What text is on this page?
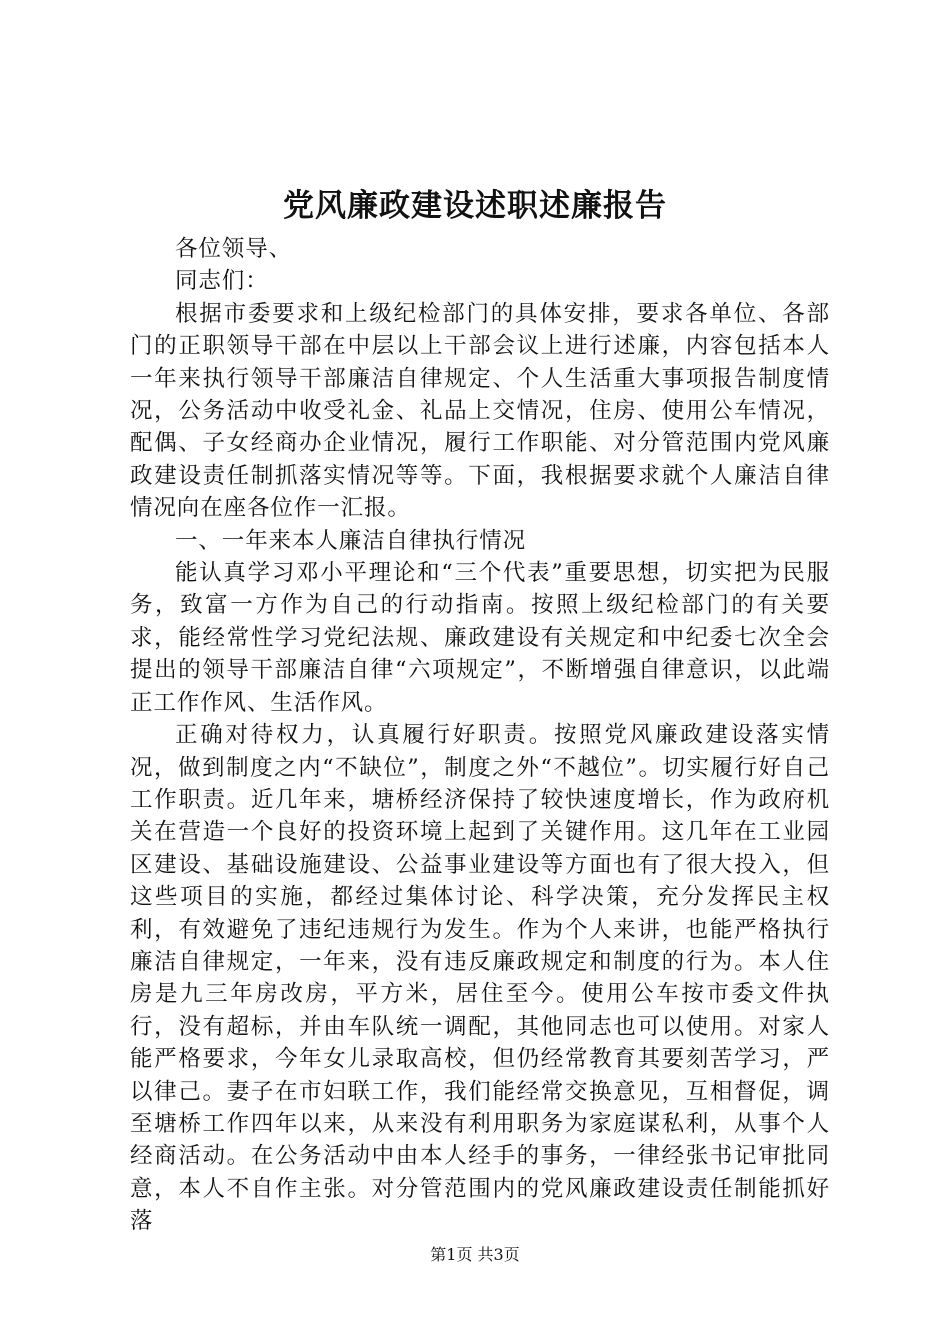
党风廉政建设述职述廉报告

各位领导、

同志们：

根据市委要求和上级纪检部门的具体安排，要求各单位、各部门的正职领导干部在中层以上干部会议上进行述廉，内容包括本人一年来执行领导干部廉洁自律规定、个人生活重大事项报告制度情况，公务活动中收受礼金、礼品上交情况，住房、使用公车情况，配偶、子女经商办企业情况，履行工作职能、对分管范围内党风廉政建设责任制抓落实情况等等。下面，我根据要求就个人廉洁自律情况向在座各位作一汇报。

一、一年来本人廉洁自律执行情况

能认真学习邓小平理论和“三个代表”重要思想，切实把为民服务，致富一方作为自己的行动指南。按照上级纪检部门的有关要求，能经常性学习党纪法规、廉政建设有关规定和中纪委七次全会提出的领导干部廉洁自律“六项规定”，不断增强自律意识，以此端正工作作风、生活作风。

正确对待权力，认真履行好职责。按照党风廉政建设落实情况，做到制度之内“不缺位”，制度之外“不越位”。切实履行好自己工作职责。近几年来，塘桥经济保持了较快速度增长，作为政府机关在营造一个良好的投资环境上起到了关键作用。这几年在工业园区建设、基础设施建设、公益事业建设等方面也有了很大投入，但这些项目的实施，都经过集体讨论、科学决策，充分发挥民主权利，有效避免了违纪违规行为发生。作为个人来讲，也能严格执行廉洁自律规定，一年来，没有违反廉政规定和制度的行为。本人住房是九三年房改房，平方米，居住至今。使用公车按市委文件执行，没有超标，并由车队统一调配，其他同志也可以使用。对家人能严格要求，今年女儿录取高校，但仍经常教育其要刻苦学习，严以律己。妻子在市妇联工作，我们能经常交换意见，互相督促，调至塘桥工作四年以来，从来没有利用职务为家庭谋私利，从事个人经商活动。在公务活动中由本人经手的事务，一律经张书记审批同意，本人不自作主张。对分管范围内的党风廉政建设责任制能抓好落

第1页 共3页
